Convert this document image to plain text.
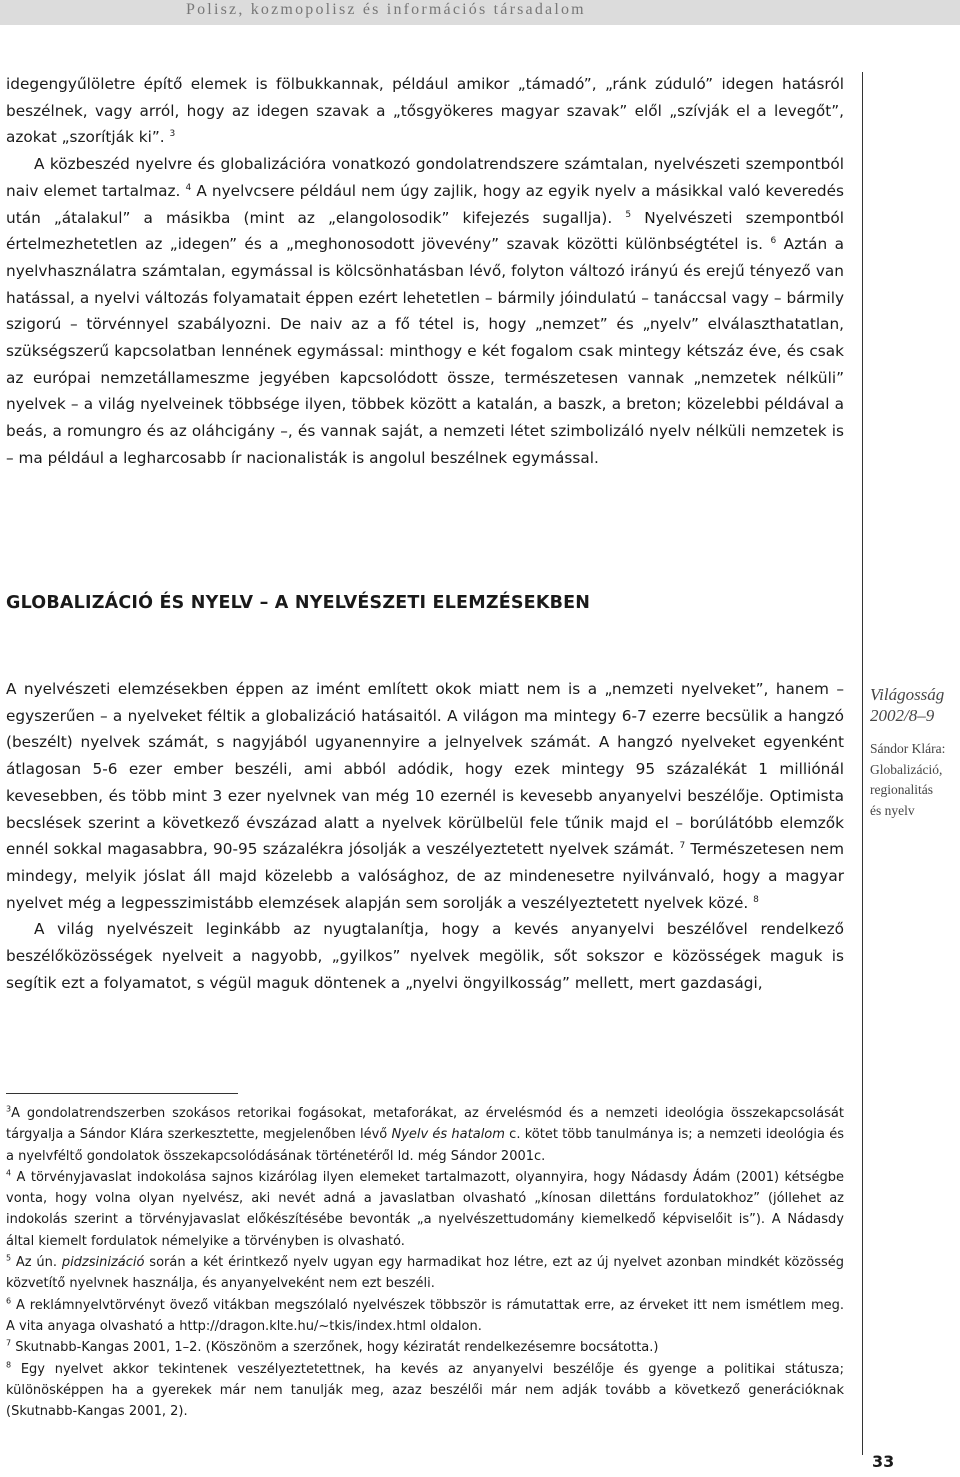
Polisz, kozmopolisz és információs társadalom

idegengyűlöletre építő elemek is fölbukkannak, például amikor „támadó”, „ránk zúduló” idegen hatásról beszélnek, vagy arról, hogy az idegen szavak a „tősgyökeres magyar szavak” elől „szívják el a levegőt”, azokat „szorítják ki”. $^3$

A közbeszéd nyelvre és globalizációra vonatkozó gondolatrendszere számtalan, nyelvészeti szempontból naiv elemet tartalmaz. $^4$ A nyelvcsere például nem úgy zajlik, hogy az egyik nyelv a másikkal való keveredés után „átalakul” a másikba (mint az „elangolosodik” kifejezés sugallja). $^5$ Nyelvészeti szempontból értelmezhetetlen az „idegen” és a „meghonosodott jövevény” szavak közötti különbségtétel is. $^6$ Aztán a nyelvhasználatra számtalan, egymással is kölcsönhatásban lévő, folyton változó irányú és erejű tényező van hatással, a nyelvi változás folyamatait éppen ezért lehetetlen – bármily jóindulatú – tanáccsal vagy – bármily szigorú – törvénnyel szabályozni. De naiv az a fő tétel is, hogy „nemzet” és „nyelv” elválaszthatatlan, szükségszerű kapcsolatban lennének egymással: minthogy e két fogalom csak mintegy kétszáz éve, és csak az európai nemzetállameszme jegyében kapcsolódott össze, természetesen vannak „nemzetek nélküli” nyelvek – a világ nyelveinek többsége ilyen, többek között a katalán, a baszk, a breton; közelebbi példával a beás, a romungro és az oláhcigány –, és vannak saját, a nemzeti létet szimbolizáló nyelv nélküli nemzetek is – ma például a legharcosabb ír nacionalisták is angolul beszélnek egymással.

GLOBALIZÁCIÓ ÉS NYELV – A NYELVÉSZETI ELEMZÉSEKBEN

A nyelvészeti elemzésekben éppen az imént említett okok miatt nem is a „nemzeti nyelveket”, hanem – egyszerűen – a nyelveket féltik a globalizáció hatásaitól. A világon ma mintegy 6-7 ezerre becsülik a hangzó (beszélt) nyelvek számát, s nagyjából ugyanennyire a jelnyelvek számát. A hangzó nyelveket egyenként átlagosan 5-6 ezer ember beszéli, ami abból adódik, hogy ezek mintegy 95 százalékát 1 milliónál kevesebben, és több mint 3 ezer nyelvnek van még 10 ezernél is kevesebb anyanyelvi beszélője. Optimista becslések szerint a következő évszázad alatt a nyelvek körülbelül fele tűnik majd el – borúlátóbb elemzők ennél sokkal magasabbra, 90-95 százalékra jósolják a veszélyeztetett nyelvek számát. $^7$ Természetesen nem mindegy, melyik jóslat áll majd közelebb a valósághoz, de az mindenesetre nyilvánvaló, hogy a magyar nyelvet még a legpesszimistább elemzések alapján sem sorolják a veszélyeztetett nyelvek közé. $^8$

A világ nyelvészeit leginkább az nyugtalanítja, hogy a kevés anyanyelvi beszélővel rendelkező beszélőközösségek nyelveit a nagyobb, „gyilkos” nyelvek megölik, sőt sokszor e közösségek maguk is segítik ezt a folyamatot, s végül maguk döntenek a „nyelvi öngyilkosság” mellett, mert gazdasági,

Világosság
2002/8–9
Sándor Klára:
Globalizáció,
regionalitás
és nyelv

$^3$A gondolatrendszerben szokásos retorikai fogásokat, metaforákat, az érvelésmód és a nemzeti ideológia összekapcsolását tárgyalja a Sándor Klára szerkesztette, megjelenőben lévő Nyelv és hatalom c. kötet több tanulmánya is; a nemzeti ideológia és a nyelvféltő gondolatok összekapcsolódásának történetéről ld. még Sándor 2001c.

$^4$ A törvényjavaslat indokolása sajnos kizárólag ilyen elemeket tartalmazott, olyannyira, hogy Nádasdy Ádám (2001) kétségbe vonta, hogy volna olyan nyelvész, aki nevét adná a javaslatban olvasható „kínosan dilettáns fordulatokhoz” (jóllehet az indokolás szerint a törvényjavaslat előkészítésébe bevonták „a nyelvészettudomány kiemelkedő képviselőit is”). A Nádasdy által kiemelt fordulatok némelyike a törvényben is olvasható.

$^5$ Az ún. pidzsinizáció során a két érintkező nyelv ugyan egy harmadikat hoz létre, ezt az új nyelvet azonban mindkét közösség közvetítő nyelvnek használja, és anyanyelveként nem ezt beszéli.

$^6$ A reklámnyelvtörvényt övező vitákban megszólaló nyelvészek többször is rámutattak erre, az érveket itt nem ismétlem meg. A vita anyaga olvasható a http://dragon.klte.hu/~tkis/index.html oldalon.

$^7$ Skutnabb-Kangas 2001, 1–2. (Köszönöm a szerzőnek, hogy kéziratát rendelkezésemre bocsátotta.)

$^8$ Egy nyelvet akkor tekintenek veszélyeztetettnek, ha kevés az anyanyelvi beszélője és gyenge a politikai státusza; különösképpen ha a gyerekek már nem tanulják meg, azaz beszélői már nem adják tovább a következő generációknak (Skutnabb-Kangas 2001, 2).

33
